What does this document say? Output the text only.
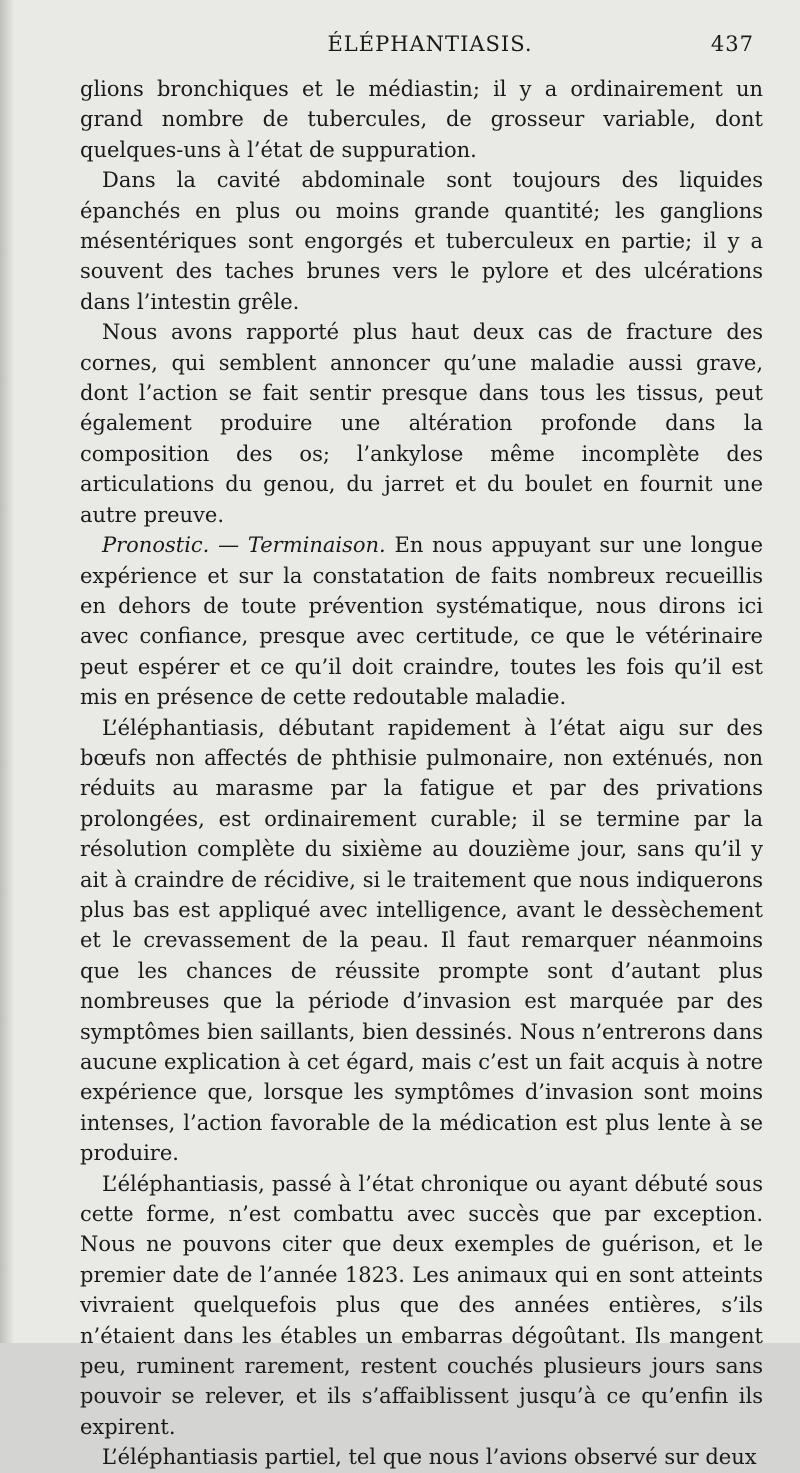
ÉLÉPHANTIASIS.	437

glions bronchiques et le médiastin; il y a ordinairement un grand nombre de tubercules, de grosseur variable, dont quelques-uns à l’état de suppuration.

Dans la cavité abdominale sont toujours des liquides épanchés en plus ou moins grande quantité; les ganglions mésentériques sont engorgés et tuberculeux en partie; il y a souvent des taches brunes vers le pylore et des ulcérations dans l’intestin grêle.

Nous avons rapporté plus haut deux cas de fracture des cornes, qui semblent annoncer qu’une maladie aussi grave, dont l’action se fait sentir presque dans tous les tissus, peut également produire une altération profonde dans la composition des os; l’ankylose même incomplète des articulations du genou, du jarret et du boulet en fournit une autre preuve.

Pronostic. — Terminaison. En nous appuyant sur une longue expérience et sur la constatation de faits nombreux recueillis en dehors de toute prévention systématique, nous dirons ici avec confiance, presque avec certitude, ce que le vétérinaire peut espérer et ce qu’il doit craindre, toutes les fois qu’il est mis en présence de cette redoutable maladie.

L’éléphantiasis, débutant rapidement à l’état aigu sur des bœufs non affectés de phthisie pulmonaire, non exténués, non réduits au marasme par la fatigue et par des privations prolongées, est ordinairement curable; il se termine par la résolution complète du sixième au douzième jour, sans qu’il y ait à craindre de récidive, si le traitement que nous indiquerons plus bas est appliqué avec intelligence, avant le dessèchement et le crevassement de la peau. Il faut remarquer néanmoins que les chances de réussite prompte sont d’autant plus nombreuses que la période d’invasion est marquée par des symptômes bien saillants, bien dessinés. Nous n’entrerons dans aucune explication à cet égard, mais c’est un fait acquis à notre expérience que, lorsque les symptômes d’invasion sont moins intenses, l’action favorable de la médication est plus lente à se produire.

L’éléphantiasis, passé à l’état chronique ou ayant débuté sous cette forme, n’est combattu avec succès que par exception. Nous ne pouvons citer que deux exemples de guérison, et le premier date de l’année 1823. Les animaux qui en sont atteints vivraient quelquefois plus que des années entières, s’ils n’étaient dans les étables un embarras dégoûtant. Ils mangent peu, ruminent rarement, restent couchés plusieurs jours sans pouvoir se relever, et ils s’affaiblissent jusqu’à ce qu’enfin ils expirent.

L’éléphantiasis partiel, tel que nous l’avions observé sur deux
